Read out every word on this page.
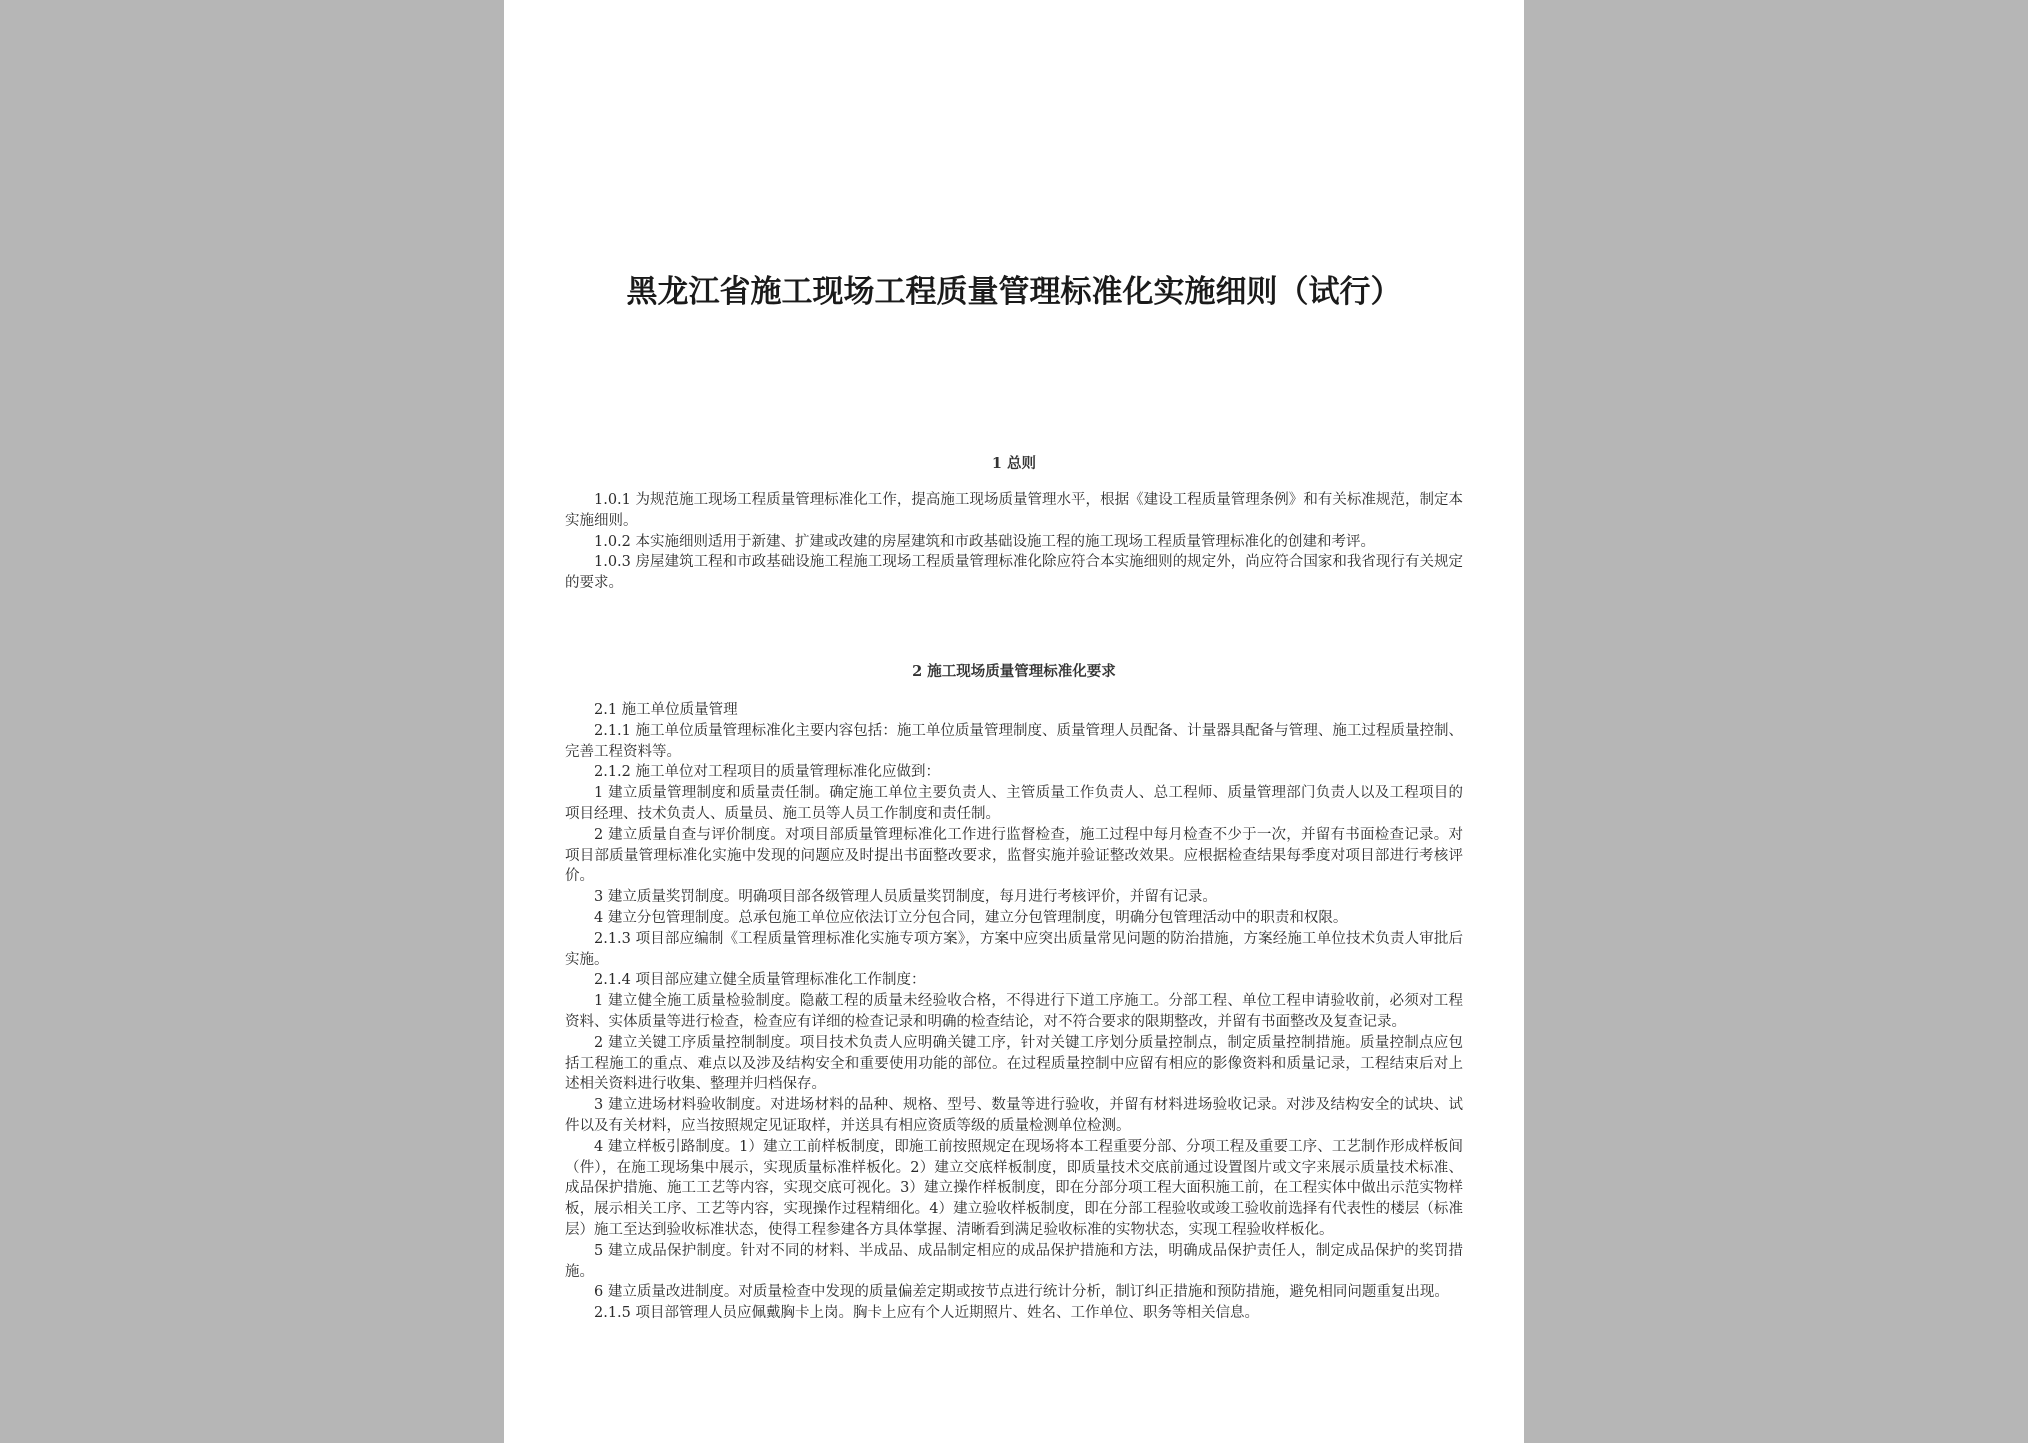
黑龙江省施工现场工程质量管理标准化实施细则（试行）
1 总则

1.0.1 为规范施工现场工程质量管理标准化工作，提高施工现场质量管理水平，根据《建设工程质量管理条例》和有关标准规范，制定本实施细则。

1.0.2 本实施细则适用于新建、扩建或改建的房屋建筑和市政基础设施工程的施工现场工程质量管理标准化的创建和考评。

1.0.3 房屋建筑工程和市政基础设施工程施工现场工程质量管理标准化除应符合本实施细则的规定外，尚应符合国家和我省现行有关规定的要求。

2 施工现场质量管理标准化要求

2.1 施工单位质量管理

2.1.1 施工单位质量管理标准化主要内容包括：施工单位质量管理制度、质量管理人员配备、计量器具配备与管理、施工过程质量控制、完善工程资料等。

2.1.2 施工单位对工程项目的质量管理标准化应做到：

1 建立质量管理制度和质量责任制。确定施工单位主要负责人、主管质量工作负责人、总工程师、质量管理部门负责人以及工程项目的项目经理、技术负责人、质量员、施工员等人员工作制度和责任制。

2 建立质量自查与评价制度。对项目部质量管理标准化工作进行监督检查，施工过程中每月检查不少于一次，并留有书面检查记录。对项目部质量管理标准化实施中发现的问题应及时提出书面整改要求，监督实施并验证整改效果。应根据检查结果每季度对项目部进行考核评价。

3 建立质量奖罚制度。明确项目部各级管理人员质量奖罚制度，每月进行考核评价，并留有记录。

4 建立分包管理制度。总承包施工单位应依法订立分包合同，建立分包管理制度，明确分包管理活动中的职责和权限。

2.1.3 项目部应编制《工程质量管理标准化实施专项方案》，方案中应突出质量常见问题的防治措施，方案经施工单位技术负责人审批后实施。

2.1.4 项目部应建立健全质量管理标准化工作制度：

1 建立健全施工质量检验制度。隐蔽工程的质量未经验收合格，不得进行下道工序施工。分部工程、单位工程申请验收前，必须对工程资料、实体质量等进行检查，检查应有详细的检查记录和明确的检查结论，对不符合要求的限期整改，并留有书面整改及复查记录。

2 建立关键工序质量控制制度。项目技术负责人应明确关键工序，针对关键工序划分质量控制点，制定质量控制措施。质量控制点应包括工程施工的重点、难点以及涉及结构安全和重要使用功能的部位。在过程质量控制中应留有相应的影像资料和质量记录，工程结束后对上述相关资料进行收集、整理并归档保存。

3 建立进场材料验收制度。对进场材料的品种、规格、型号、数量等进行验收，并留有材料进场验收记录。对涉及结构安全的试块、试件以及有关材料，应当按照规定见证取样，并送具有相应资质等级的质量检测单位检测。

4 建立样板引路制度。1）建立工前样板制度，即施工前按照规定在现场将本工程重要分部、分项工程及重要工序、工艺制作形成样板间（件），在施工现场集中展示，实现质量标准样板化。2）建立交底样板制度，即质量技术交底前通过设置图片或文字来展示质量技术标准、成品保护措施、施工工艺等内容，实现交底可视化。3）建立操作样板制度，即在分部分项工程大面积施工前，在工程实体中做出示范实物样板，展示相关工序、工艺等内容，实现操作过程精细化。4）建立验收样板制度，即在分部工程验收或竣工验收前选择有代表性的楼层（标准层）施工至达到验收标准状态，使得工程参建各方具体掌握、清晰看到满足验收标准的实物状态，实现工程验收样板化。

5 建立成品保护制度。针对不同的材料、半成品、成品制定相应的成品保护措施和方法，明确成品保护责任人，制定成品保护的奖罚措施。

6 建立质量改进制度。对质量检查中发现的质量偏差定期或按节点进行统计分析，制订纠正措施和预防措施，避免相同问题重复出现。

2.1.5 项目部管理人员应佩戴胸卡上岗。胸卡上应有个人近期照片、姓名、工作单位、职务等相关信息。
